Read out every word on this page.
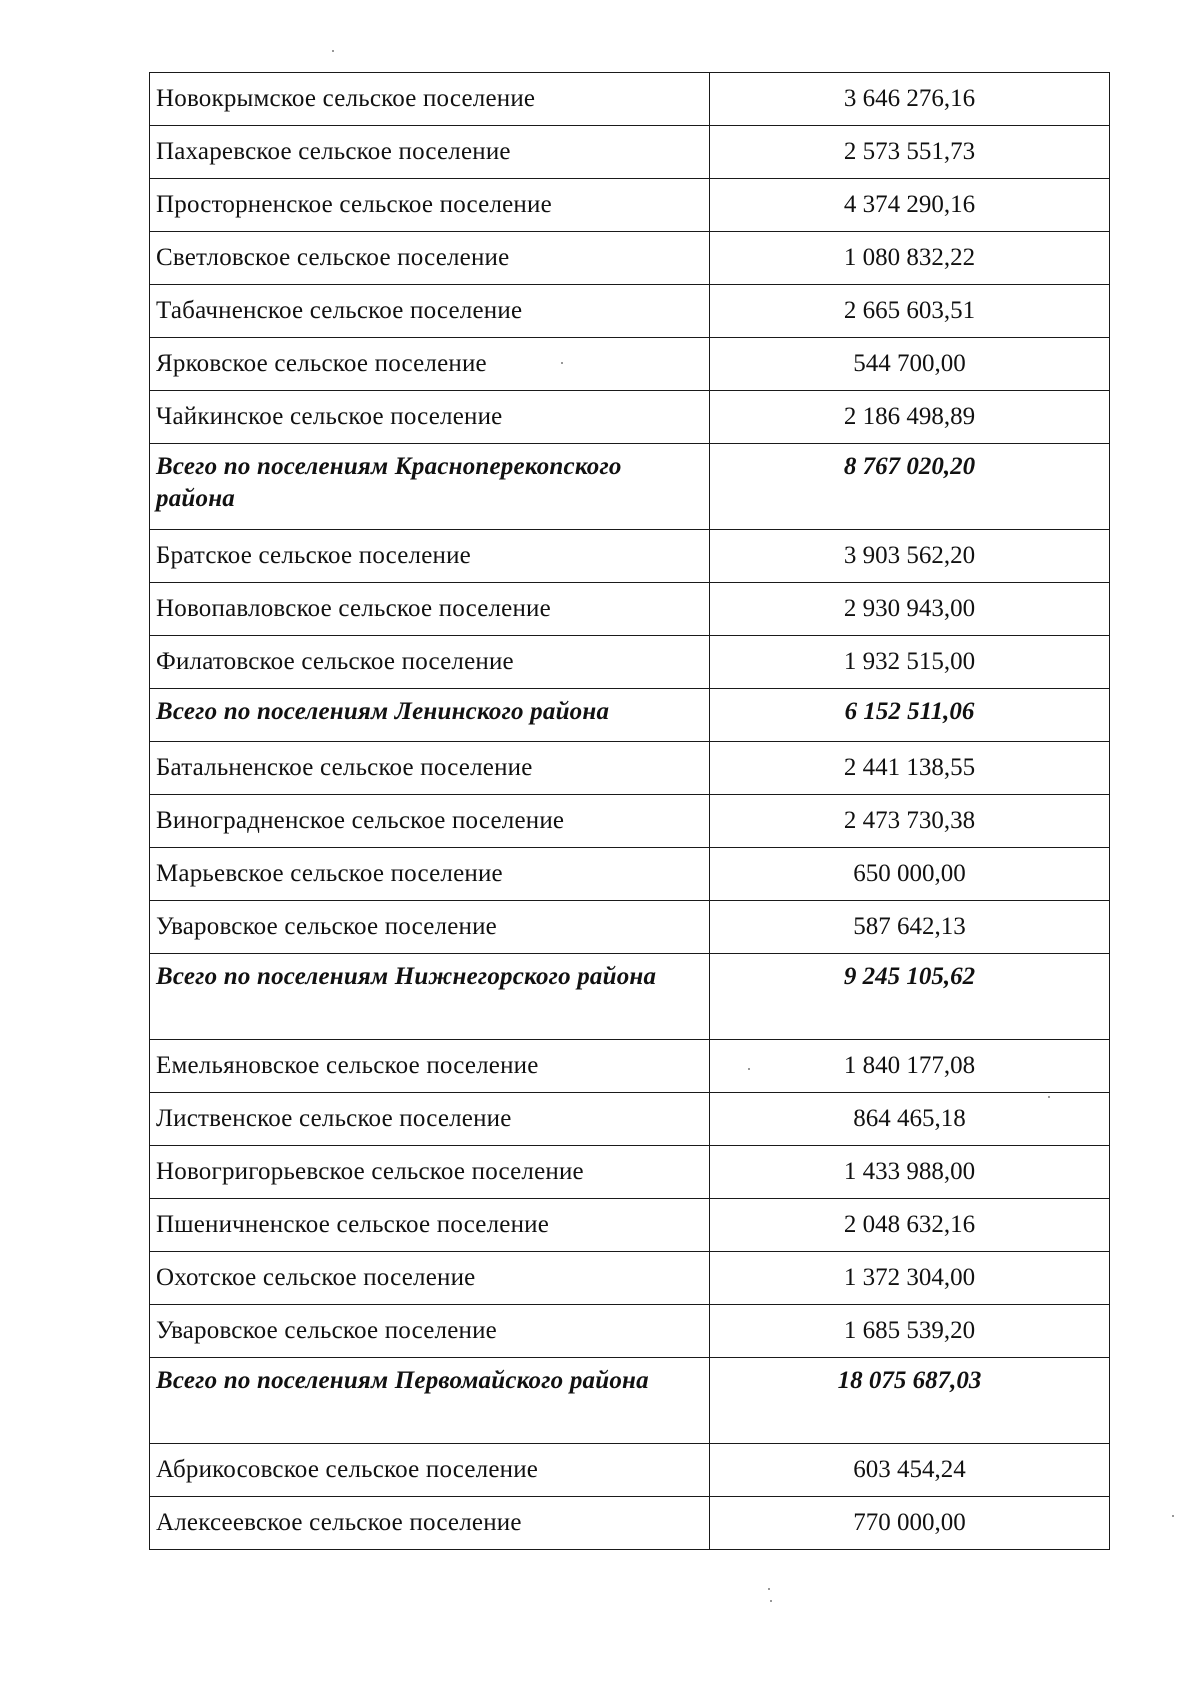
Новокрымское сельское поселение	3 646 276,16
Пахаревское сельское поселение	2 573 551,73
Просторненское сельское поселение	4 374 290,16
Светловское сельское поселение	1 080 832,22
Табачненское сельское поселение	2 665 603,51
Ярковское сельское поселение	544 700,00
Чайкинское сельское поселение	2 186 498,89
Всего по поселениям Красноперекопского района	8 767 020,20
Братское сельское поселение	3 903 562,20
Новопавловское сельское поселение	2 930 943,00
Филатовское сельское поселение	1 932 515,00
Всего по поселениям Ленинского района	6 152 511,06
Батальненское сельское поселение	2 441 138,55
Виноградненское сельское поселение	2 473 730,38
Марьевское сельское поселение	650 000,00
Уваровское сельское поселение	587 642,13
Всего по поселениям Нижнегорского района	9 245 105,62
Емельяновское сельское поселение	1 840 177,08
Лиственское сельское поселение	864 465,18
Новогригорьевское сельское поселение	1 433 988,00
Пшеничненское сельское поселение	2 048 632,16
Охотское сельское поселение	1 372 304,00
Уваровское сельское поселение	1 685 539,20
Всего по поселениям Первомайского района	18 075 687,03
Абрикосовское сельское поселение	603 454,24
Алексеевское сельское поселение	770 000,00
